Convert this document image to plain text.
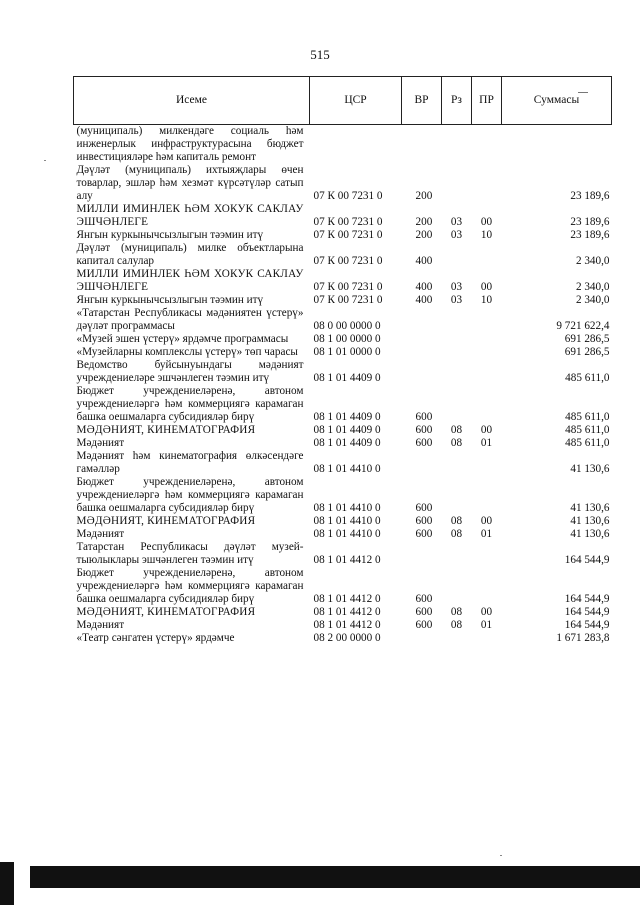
515
Исеме	ЦСР	ВР	Рз	ПР	Суммасы
(муниципаль) милкендәге социаль һәм инженерлык инфраструктурасына бюджет инвестицияләре һәм капиталь ремонт					
Дәүләт (муниципаль) ихтыяҗлары өчен товарлар, эшләр һәм хезмәт күрсәтүләр сатып алу	07 К 00 7231 0	200			23 189,6
МИЛЛИ ИМИНЛЕК ҺӘМ ХОКУК САКЛАУ ЭШЧӘНЛЕГЕ	07 К 00 7231 0	200	03	00	23 189,6
Янгын куркынычсызлыгын тәэмин итү	07 К 00 7231 0	200	03	10	23 189,6
Дәүләт (муниципаль) милке объектларына капитал салулар	07 К 00 7231 0	400			2 340,0
МИЛЛИ ИМИНЛЕК ҺӘМ ХОКУК САКЛАУ ЭШЧӘНЛЕГЕ	07 К 00 7231 0	400	03	00	2 340,0
Янгын куркынычсызлыгын тәэмин итү	07 К 00 7231 0	400	03	10	2 340,0
«Татарстан Республикасы мәдәниятен үстерү» дәүләт программасы	08 0 00 0000 0				9 721 622,4
«Музей эшен үстерү» ярдәмче программасы	08 1 00 0000 0				691 286,5
«Музейларны комплекслы үстерү» төп чарасы	08 1 01 0000 0				691 286,5
Ведомство буйсынуындагы мәдәният учреждениеләре эшчәнлеген тәэмин итү	08 1 01 4409 0				485 611,0
Бюджет учреждениеләренә, автоном учреждениеләргә һәм коммерциягә карамаган башка оешмаларга субсидияләр бирү	08 1 01 4409 0	600			485 611,0
МӘДӘНИЯТ, КИНЕМАТОГРАФИЯ	08 1 01 4409 0	600	08	00	485 611,0
Мәдәният	08 1 01 4409 0	600	08	01	485 611,0
Мәдәният һәм кинематография өлкәсендәге гамәлләр	08 1 01 4410 0				41 130,6
Бюджет учреждениеләренә, автоном учреждениеләргә һәм коммерциягә карамаган башка оешмаларга субсидияләр бирү	08 1 01 4410 0	600			41 130,6
МӘДӘНИЯТ, КИНЕМАТОГРАФИЯ	08 1 01 4410 0	600	08	00	41 130,6
Мәдәният	08 1 01 4410 0	600	08	01	41 130,6
Татарстан Республикасы дәүләт музей-тыюлыклары эшчәнлеген тәэмин итү	08 1 01 4412 0				164 544,9
Бюджет учреждениеләренә, автоном учреждениеләргә һәм коммерциягә карамаган башка оешмаларга субсидияләр бирү	08 1 01 4412 0	600			164 544,9
МӘДӘНИЯТ, КИНЕМАТОГРАФИЯ	08 1 01 4412 0	600	08	00	164 544,9
Мәдәният	08 1 01 4412 0	600	08	01	164 544,9
«Театр сәнгатен үстерү» ярдәмче	08 2 00 0000 0				1 671 283,8
